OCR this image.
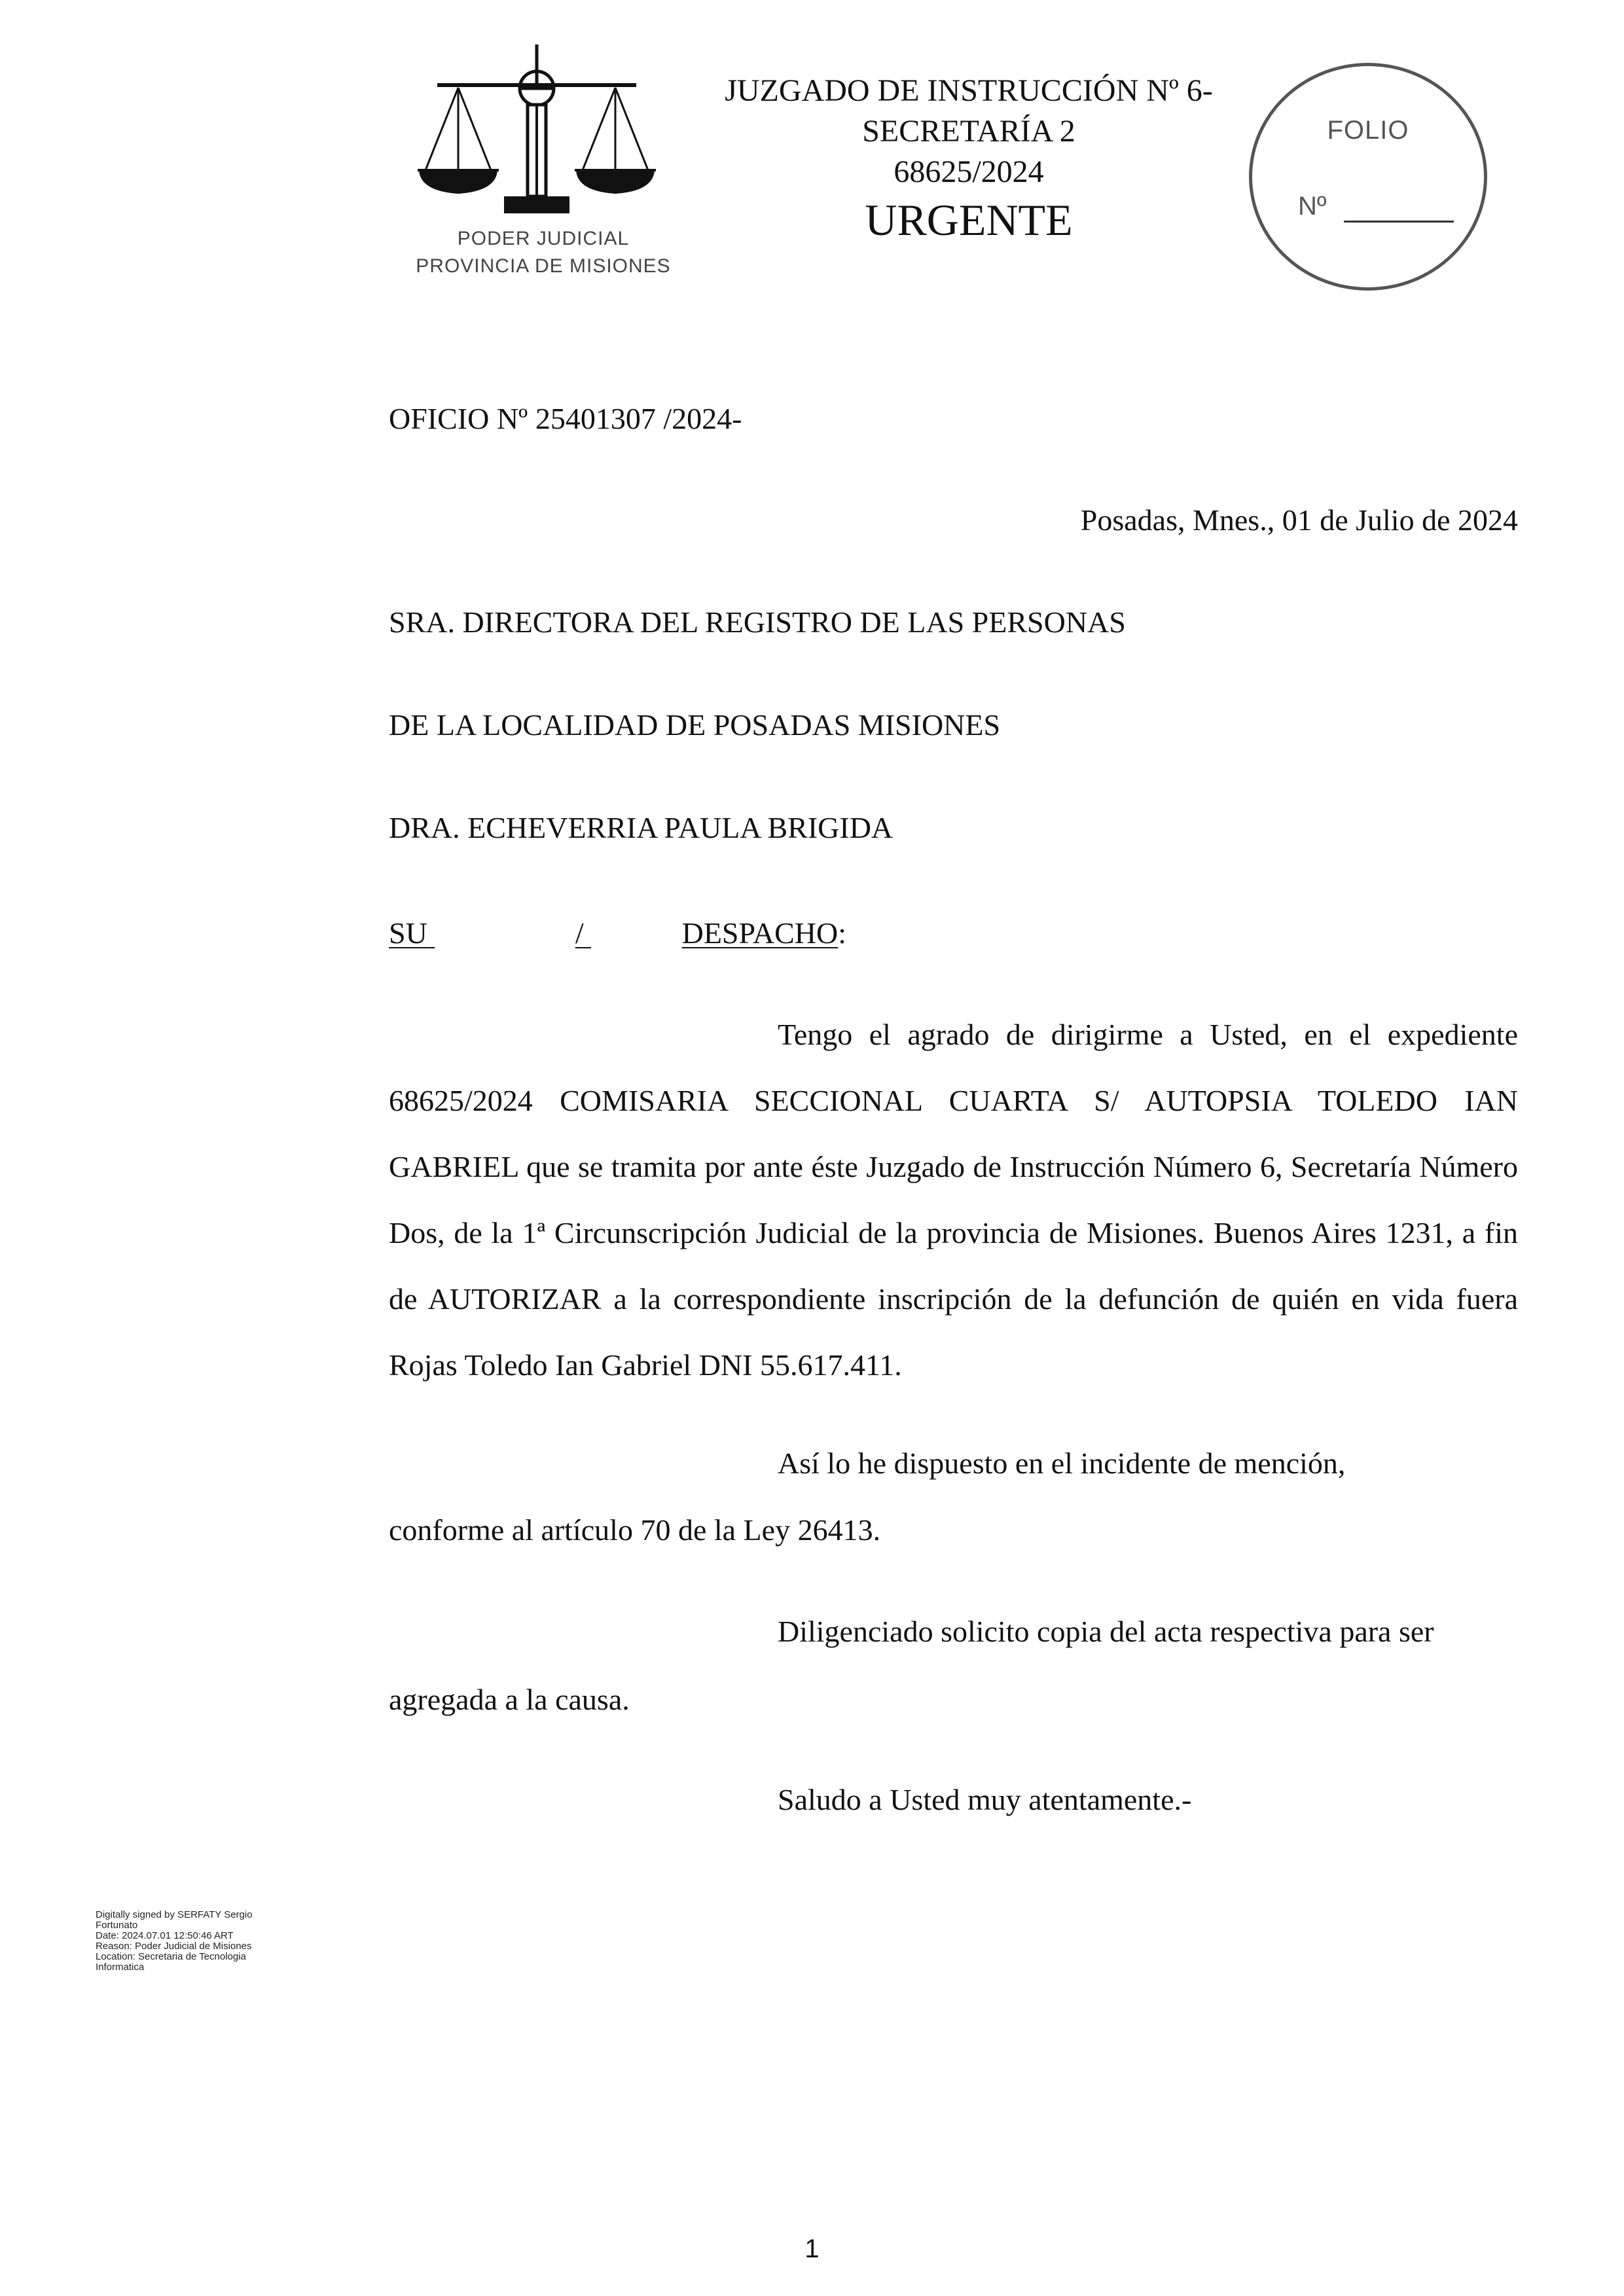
PODER JUDICIAL
PROVINCIA DE MISIONES
JUZGADO DE INSTRUCCIÓN Nº 6-
SECRETARÍA 2
68625/2024
URGENTE
FOLIO
Nº
OFICIO Nº 25401307 /2024-
Posadas, Mnes., 01 de Julio de 2024
SRA. DIRECTORA DEL REGISTRO DE LAS PERSONAS
DE LA LOCALIDAD DE POSADAS MISIONES
DRA. ECHEVERRIA PAULA BRIGIDA
SU	/	DESPACHO:
Tengo el agrado de dirigirme a Usted, en el expediente 68625/2024 COMISARIA SECCIONAL CUARTA S/ AUTOPSIA TOLEDO IAN GABRIEL que se tramita por ante éste Juzgado de Instrucción Número 6, Secretaría Número Dos, de la 1ª Circunscripción Judicial de la provincia de Misiones. Buenos Aires 1231, a fin de AUTORIZAR a la correspondiente inscripción de la defunción de quién en vida fuera Rojas Toledo Ian Gabriel DNI 55.617.411.
Así lo he dispuesto en el incidente de mención,
conforme al artículo 70 de la Ley 26413.
Diligenciado solicito copia del acta respectiva para ser
agregada a la causa.
Saludo a Usted muy atentamente.-
Digitally signed by SERFATY Sergio Fortunato
Date: 2024.07.01 12:50:46 ART
Reason: Poder Judicial de Misiones
Location: Secretaria de Tecnologia Informatica
1
